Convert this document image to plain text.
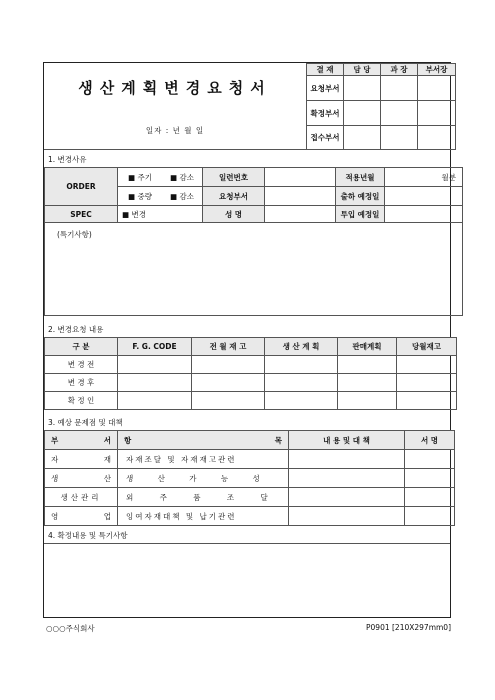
생산계획변경요청서
일자 : 년 월 일
결 재	담 당	과 장	부서장
요청부서			
확정부서			
접수부서			
1. 변경사유
ORDER	■ 주기	■ 감소	일련번호		적용년월	월분
	■ 중량	■ 감소	요청부서		출하 예정일	
SPEC	■ 변경		성 명		투입 예정일	
(특기사항)						
2. 변경요청 내용
구 분	F. G. CODE	전 월 재 고	생 산 계 획	판매계획	당월재고
변 경 전					
변 경 후					
확 정 인					
3. 예상 문제점 및 대책
부 서	항 목	내 용 및 대 책	서 명

자 재	자재조달 및 자재재고관련		

생 산	생 산 가 능 성		
생산관리	외 주 품 조 달		

영 업	잉여자재대책 및 납기관련		
4. 확정내용 및 특기사항
○○○주식회사	P0901 [210X297mm0]
